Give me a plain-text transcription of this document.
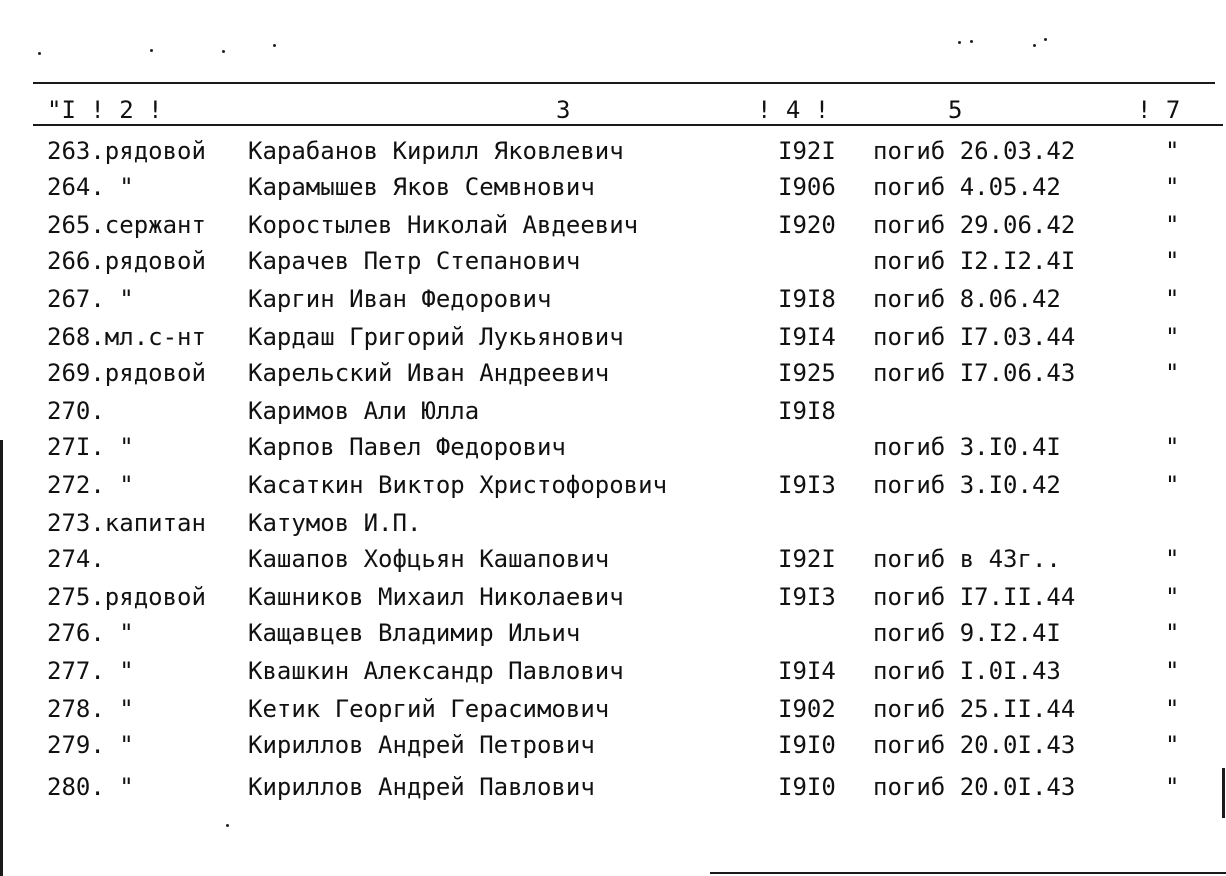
"I ! 2 !	3	! 4 !	5	! 7
263.рядовой Карабанов Кирилл Яковлевич	I92I погиб 26.03.42	"
264. "	Карамышев Яков Семвнович	I906 погиб 4.05.42	"
265.сержант Коростылев Николай Авдеевич	I920 погиб 29.06.42	"
266.рядовой Карачев Петр Степанович	погиб I2.I2.4I	"
267. "	Каргин Иван Федорович	I9I8 погиб 8.06.42	"
268.мл.с-нт Кардаш Григорий Лукьянович	I9I4 погиб I7.03.44	"
269.рядовой Карельский Иван Андреевич	I925 погиб I7.06.43	"
270.	Каримов Али Юлла	I9I8
27I. "	Карпов Павел Федорович	погиб 3.I0.4I	"
272. "	Касаткин Виктор Христофорович	I9I3 погиб 3.I0.42	"
273.капитан Катумов И.П.
274.	Кашапов Хофцьян Кашапович	I92I погиб в 43г..	"
275.рядовой Кашников Михаил Николаевич	I9I3 погиб I7.II.44	"
276. "	Кащавцев Владимир Ильич	погиб 9.I2.4I	"
277. "	Квашкин Александр Павлович	I9I4 погиб I.0I.43	"
278. "	Кетик Георгий Герасимович	I902 погиб 25.II.44	"
279. "	Кириллов Андрей Петрович	I9I0 погиб 20.0I.43	"
280. "	Кириллов Андрей Павлович	I9I0 погиб 20.0I.43	"
